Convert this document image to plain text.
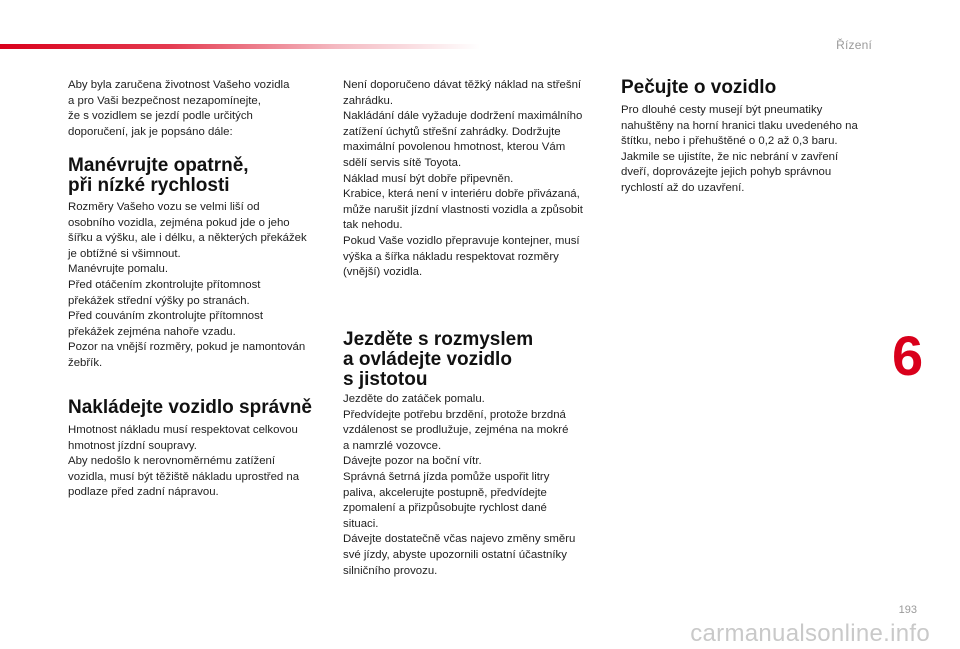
Řízení
6

Aby byla zaručena životnost Vašeho vozidla
a pro Vaši bezpečnost nezapomínejte,
že s vozidlem se jezdí podle určitých
doporučení, jak je popsáno dále:

Manévrujte opatrně,
při nízké rychlosti

Rozměry Vašeho vozu se velmi liší od
osobního vozidla, zejména pokud jde o jeho
šířku a výšku, ale i délku, a některých překážek
je obtížné si všimnout.
Manévrujte pomalu.
Před otáčením zkontrolujte přítomnost
překážek střední výšky po stranách.
Před couváním zkontrolujte přítomnost
překážek zejména nahoře vzadu.
Pozor na vnější rozměry, pokud je namontován
žebřík.

Nakládejte vozidlo správně

Hmotnost nákladu musí respektovat celkovou
hmotnost jízdní soupravy.
Aby nedošlo k nerovnoměrnému zatížení
vozidla, musí být těžiště nákladu uprostřed na
podlaze před zadní nápravou.

Není doporučeno dávat těžký náklad na střešní
zahrádku.
Nakládání dále vyžaduje dodržení maximálního
zatížení úchytů střešní zahrádky. Dodržujte
maximální povolenou hmotnost, kterou Vám
sdělí servis sítě Toyota.
Náklad musí být dobře připevněn.
Krabice, která není v interiéru dobře přivázaná,
může narušit jízdní vlastnosti vozidla a způsobit
tak nehodu.
Pokud Vaše vozidlo přepravuje kontejner, musí
výška a šířka nákladu respektovat rozměry
(vnější) vozidla.

Jezděte s rozmyslem
a ovládejte vozidlo
s jistotou

Jezděte do zatáček pomalu.
Předvídejte potřebu brzdění, protože brzdná
vzdálenost se prodlužuje, zejména na mokré
a namrzlé vozovce.
Dávejte pozor na boční vítr.
Správná šetrná jízda pomůže uspořit litry
paliva, akcelerujte postupně, předvídejte
zpomalení a přizpůsobujte rychlost dané
situaci.
Dávejte dostatečně včas najevo změny směru
své jízdy, abyste upozornili ostatní účastníky
silničního provozu.

Pečujte o vozidlo

Pro dlouhé cesty musejí být pneumatiky
nahuštěny na horní hranici tlaku uvedeného na
štítku, nebo i přehuštěné o 0,2 až 0,3 baru.
Jakmile se ujistíte, že nic nebrání v zavření
dveří, doprovázejte jejich pohyb správnou
rychlostí až do uzavření.

193
carmanualsonline.info
